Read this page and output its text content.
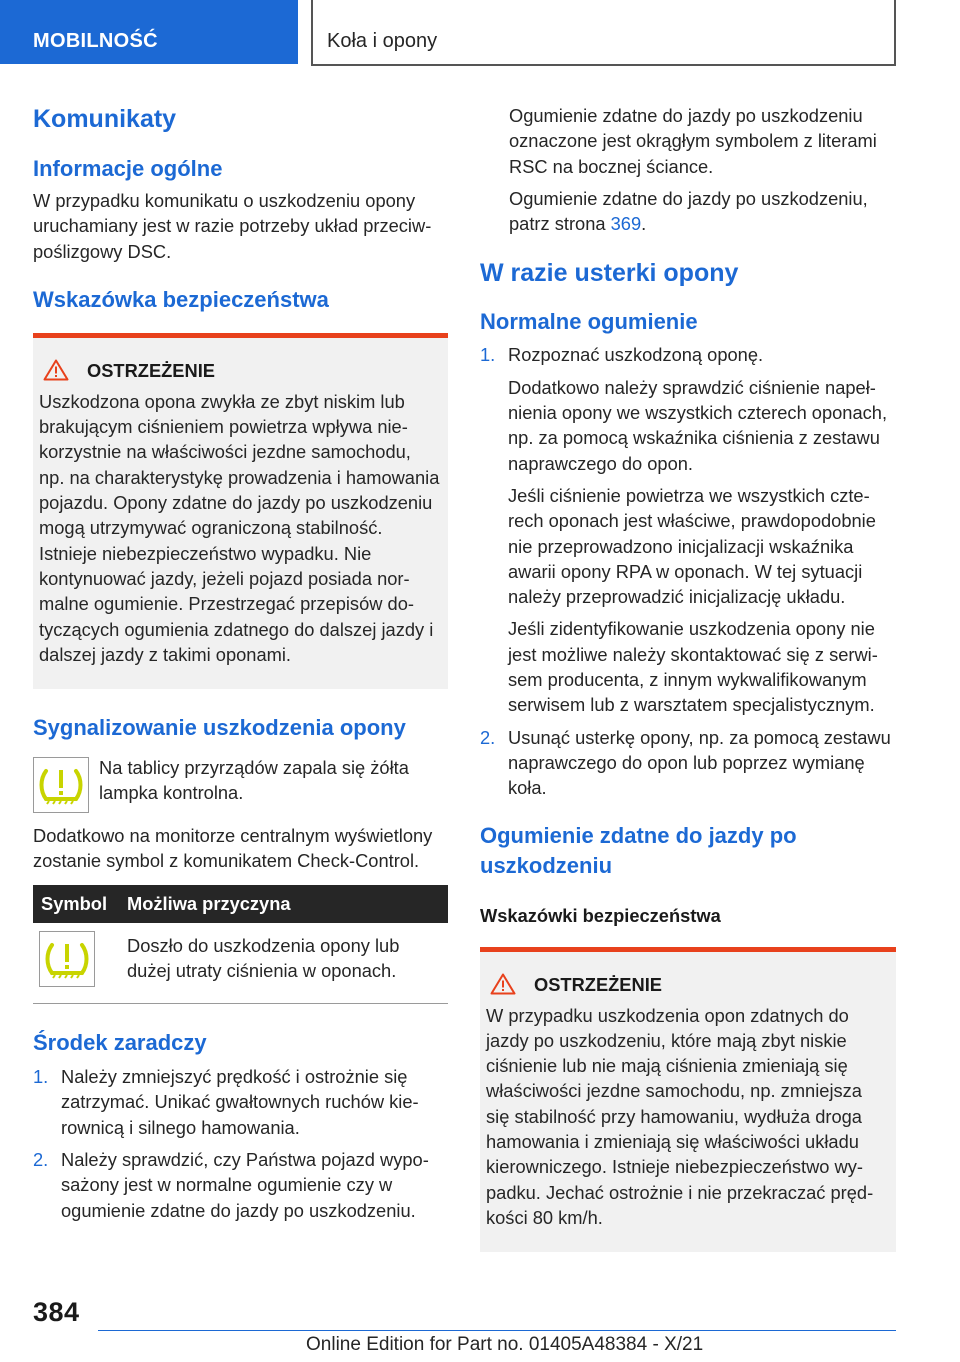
MOBILNOŚĆ	Koła i opony
Komunikaty
Informacje ogólne

W przypadku komunikatu o uszkodzeniu opony uruchamiany jest w razie potrzeby układ przeciwpoślizgowy DSC.

Wskazówka bezpieczeństwa
OSTRZEŻENIE

Uszkodzona opona zwykła ze zbyt niskim lub brakującym ciśnieniem powietrza wpływa niekorzystnie na właściwości jezdne samochodu, np. na charakterystykę prowadzenia i hamowania pojazdu. Opony zdatne do jazdy po uszkodzeniu mogą utrzymywać ograniczoną stabilność. Istnieje niebezpieczeństwo wypadku. Nie kontynuować jazdy, jeżeli pojazd posiada normalne ogumienie. Przestrzegać przepisów dotyczących ogumienia zdatnego do dalszej jazdy i dalszej jazdy z takimi oponami.

Sygnalizowanie uszkodzenia opony

Na tablicy przyrządów zapala się żółta lampka kontrolna.

Dodatkowo na monitorze centralnym wyświetlony zostanie symbol z komunikatem Check-Control.

Symbol	Możliwa przyczyna
	Doszło do uszkodzenia opony lub dużej utraty ciśnienia w oponach.
Środek zaradczy
1. Należy zmniejszyć prędkość i ostrożnie się zatrzymać. Unikać gwałtownych ruchów kierownicą i silnego hamowania.

2. Należy sprawdzić, czy Państwa pojazd wyposażony jest w normalne ogumienie czy w ogumienie zdatne do jazdy po uszkodzeniu.

Ogumienie zdatne do jazdy po uszkodzeniu oznaczone jest okrągłym symbolem z literami RSC na bocznej ściance.

Ogumienie zdatne do jazdy po uszkodzeniu, patrz strona 369.

W razie usterki opony
Normalne ogumienie
1. Rozpoznać uszkodzoną oponę.

Dodatkowo należy sprawdzić ciśnienie napełnienia opony we wszystkich czterech oponach, np. za pomocą wskaźnika ciśnienia z zestawu naprawczego do opon.

Jeśli ciśnienie powietrza we wszystkich czterech oponach jest właściwe, prawdopodobnie nie przeprowadzono inicjalizacji wskaźnika awarii opony RPA w oponach. W tej sytuacji należy przeprowadzić inicjalizację układu.

Jeśli zidentyfikowanie uszkodzenia opony nie jest możliwe należy skontaktować się z serwisem producenta, z innym wykwalifikowanym serwisem lub z warsztatem specjalistycznym.

2. Usunąć usterkę opony, np. za pomocą zestawu naprawczego do opon lub poprzez wymianę koła.

Ogumienie zdatne do jazdy po uszkodzeniu
Wskazówki bezpieczeństwa
OSTRZEŻENIE

W przypadku uszkodzenia opon zdatnych do jazdy po uszkodzeniu, które mają zbyt niskie ciśnienie lub nie mają ciśnienia zmieniają się właściwości jezdne samochodu, np. zmniejsza się stabilność przy hamowaniu, wydłuża droga hamowania i zmieniają się właściwości układu kierowniczego. Istnieje niebezpieczeństwo wypadku. Jechać ostrożnie i nie przekraczać prędkości 80 km/h.

384
Online Edition for Part no. 01405A48384 - X/21
